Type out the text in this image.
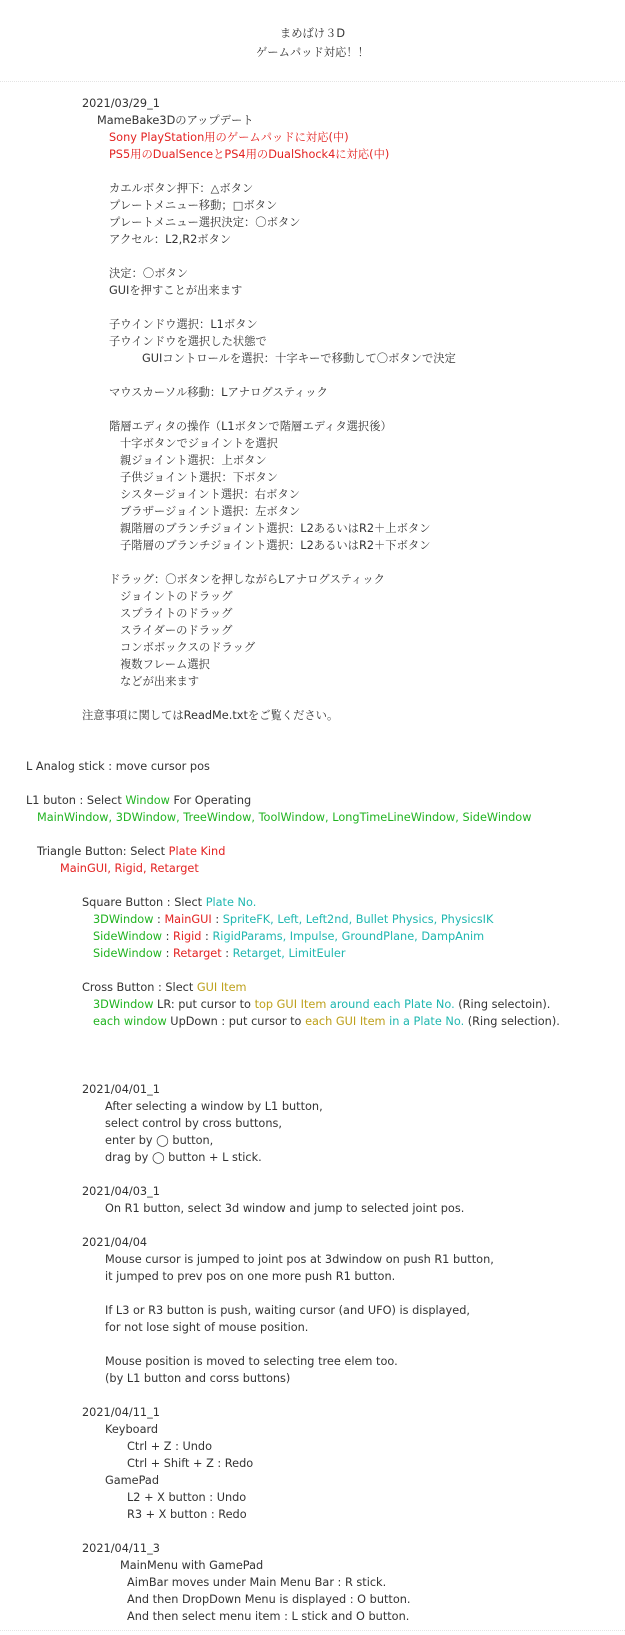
まめばけ３D
ゲームパッド対応！！
2021/03/29_1
MameBake3Dのアップデート
Sony PlayStation用のゲームパッドに対応(中)
PS5用のDualSenceとPS4用のDualShock4に対応(中)
カエルボタン押下：△ボタン
プレートメニュー移動；□ボタン
プレートメニュー選択決定：〇ボタン
アクセル：L2,R2ボタン
決定：〇ボタン
GUIを押すことが出来ます
子ウインドウ選択：L1ボタン
子ウインドウを選択した状態で
GUIコントロールを選択：十字キーで移動して〇ボタンで決定
マウスカーソル移動：Lアナログスティック
階層エディタの操作（L1ボタンで階層エディタ選択後）
十字ボタンでジョイントを選択
親ジョイント選択：上ボタン
子供ジョイント選択：下ボタン
シスタージョイント選択：右ボタン
ブラザージョイント選択：左ボタン
親階層のブランチジョイント選択：L2あるいはR2＋上ボタン
子階層のブランチジョイント選択：L2あるいはR2＋下ボタン
ドラッグ：〇ボタンを押しながらLアナログスティック
ジョイントのドラッグ
スプライトのドラッグ
スライダーのドラッグ
コンボボックスのドラッグ
複数フレーム選択
などが出来ます
注意事項に関してはReadMe.txtをご覧ください。
L Analog stick : move cursor pos
L1 buton : Select Window For Operating
MainWindow, 3DWindow, TreeWindow, ToolWindow, LongTimeLineWindow, SideWindow
Triangle Button: Select Plate Kind
MainGUI, Rigid, Retarget
Square Button : Slect Plate No.
3DWindow : MainGUI : SpriteFK, Left, Left2nd, Bullet Physics, PhysicsIK
SideWindow : Rigid : RigidParams, Impulse, GroundPlane, DampAnim
SideWindow : Retarget : Retarget, LimitEuler
Cross Button : Slect GUI Item
3DWindow LR: put cursor to top GUI Item around each Plate No. (Ring selectoin).
each window UpDown : put cursor to each GUI Item in a Plate No. (Ring selection).
2021/04/01_1
After selecting a window by L1 button,
select control by cross buttons,
enter by ◯ button,
drag by ◯ button + L stick.
2021/04/03_1
On R1 button, select 3d window and jump to selected joint pos.
2021/04/04
Mouse cursor is jumped to joint pos at 3dwindow on push R1 button,
it jumped to prev pos on one more push R1 button.
If L3 or R3 button is push, waiting cursor (and UFO) is displayed,
for not lose sight of mouse position.
Mouse position is moved to selecting tree elem too.
(by L1 button and corss buttons)
2021/04/11_1
Keyboard
Ctrl + Z : Undo
Ctrl + Shift + Z : Redo
GamePad
L2 + X button : Undo
R3 + X button : Redo
2021/04/11_3
MainMenu with GamePad
AimBar moves under Main Menu Bar : R stick.
And then DropDown Menu is displayed : O button.
And then select menu item : L stick and O button.
